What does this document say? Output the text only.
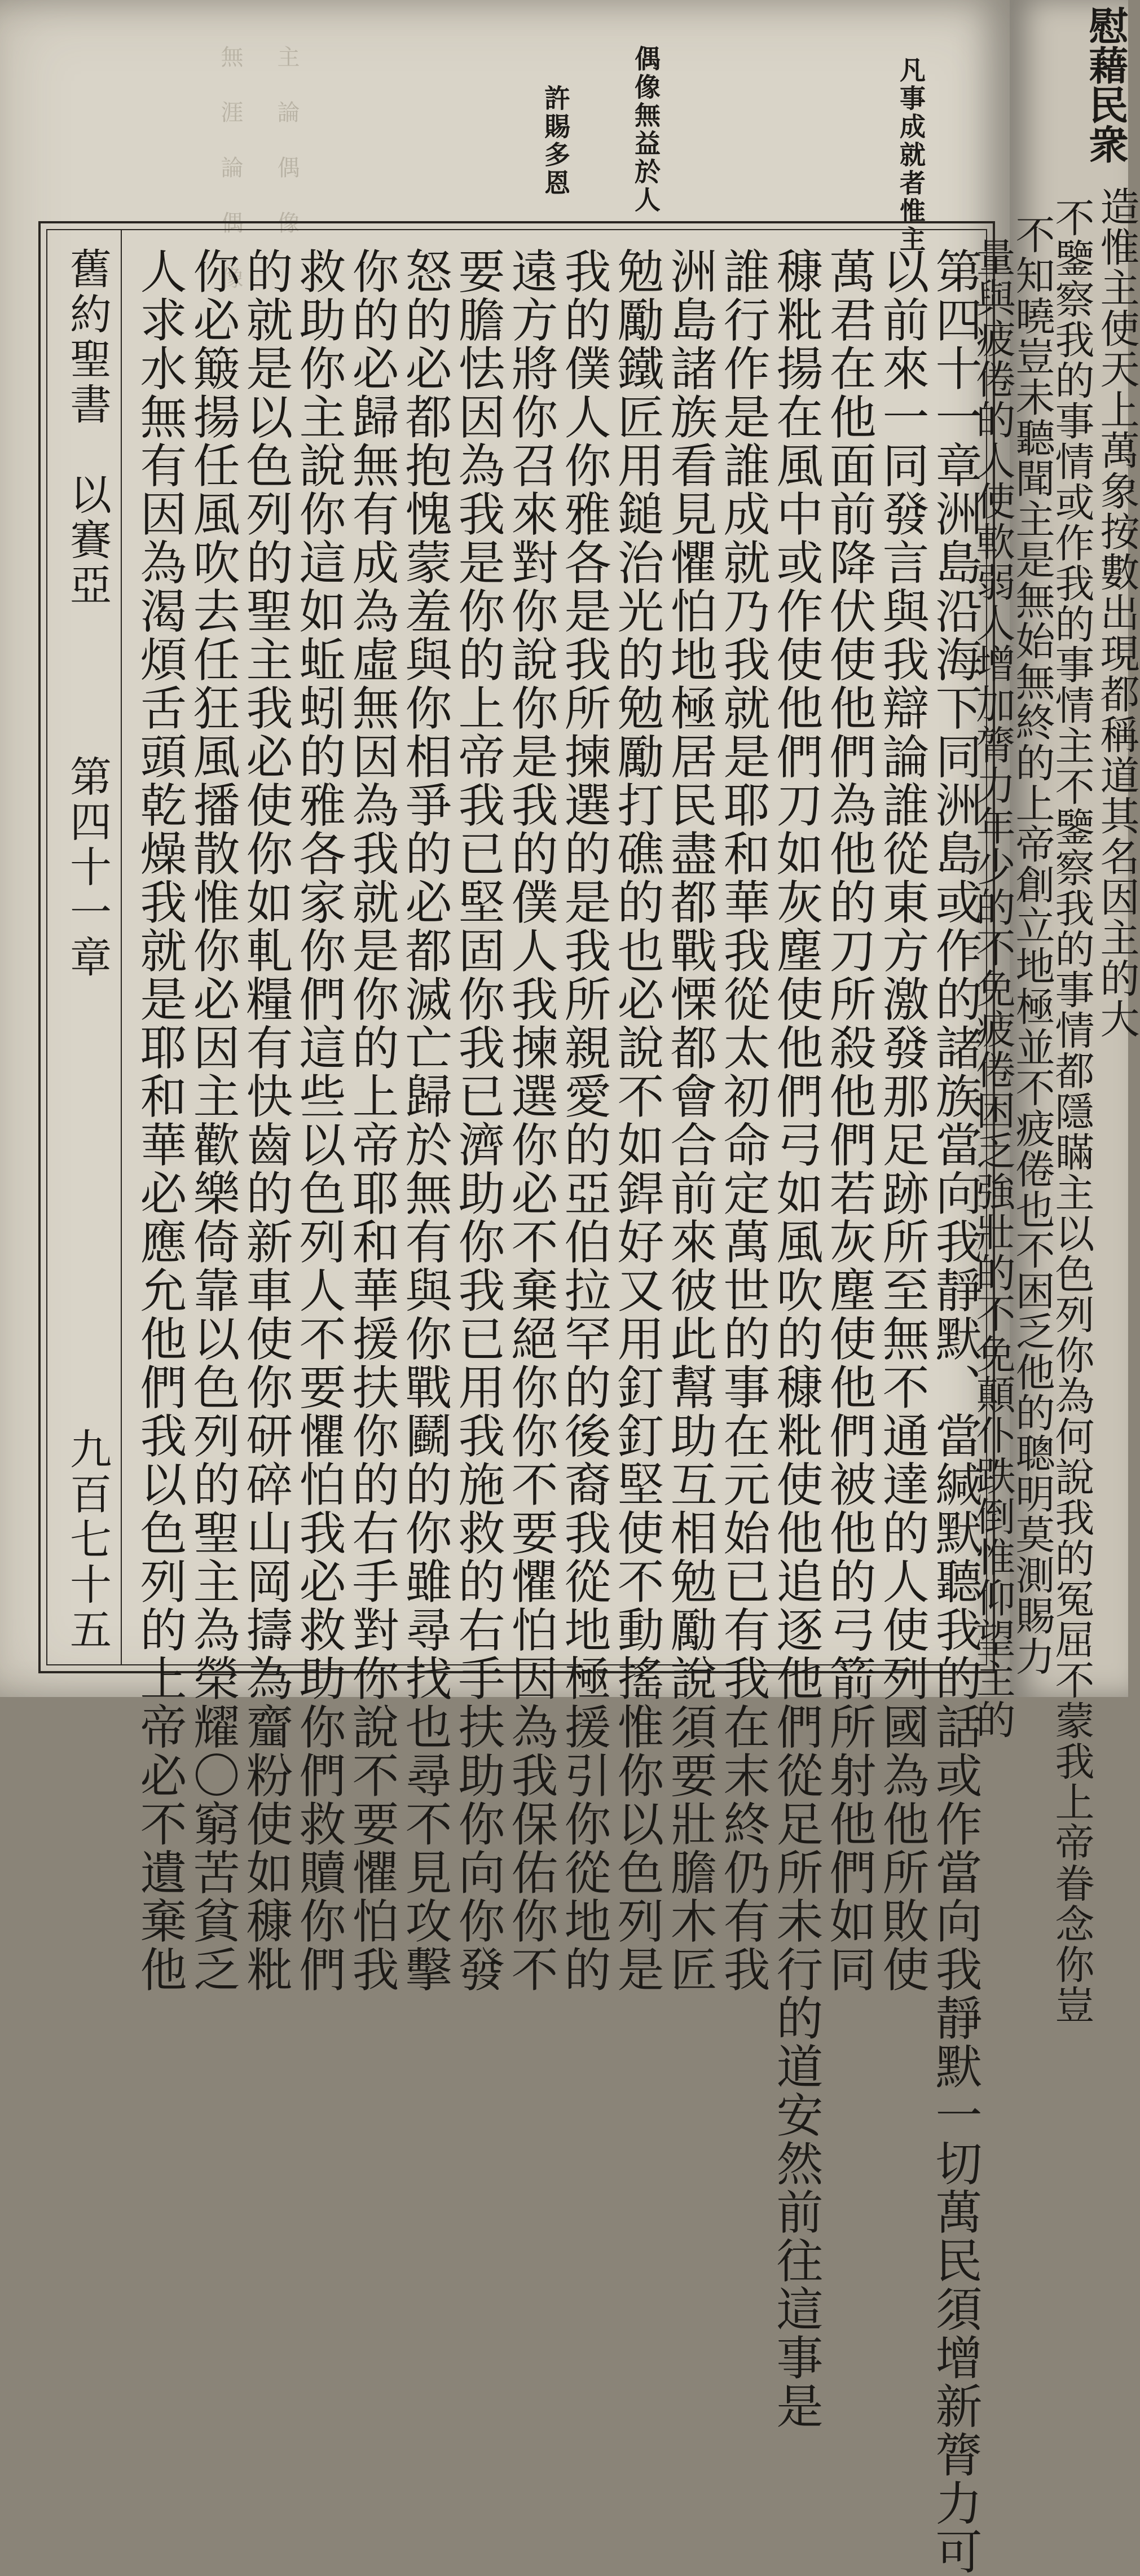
無 涯 論 偶 像 主 論 偶 像	凡事成就者惟主
偶像無益於人
許賜多恩
舊約聖書　以賽亞
第四十一章
九百七十五	第四十一章洲島沿海下同洲島或作的諸族當向我靜默、當緘默聽我的話或作當向我靜默一切萬民須增新膂力可
以前來一同發言與我辯論誰從東方激發那足跡所至無不通達的人使列國為他所敗使
萬君在他面前降伏使他們為他的刀所殺他們若灰塵使他們被他的弓箭所射他們如同
穅粃揚在風中或作使他們刀如灰塵使他們弓如風吹的穅粃使他追逐他們從足所未行的道安然前往這事是
誰行作是誰成就乃我就是耶和華我從太初命定萬世的事在元始已有我在末終仍有我
洲島諸族看見懼怕地極居民盡都戰慄都會合前來彼此幫助互相勉勵說須要壯膽木匠
勉勵鐵匠用鎚治光的勉勵打礁的也必說不如銲好又用釘釘堅使不動搖惟你以色列是
我的僕人你雅各是我所揀選的是我所親愛的亞伯拉罕的後裔我從地極援引你從地的
遠方將你召來對你說你是我的僕人我揀選你必不棄絕你你不要懼怕因為我保佑你不
要膽怯因為我是你的上帝我已堅固你我已濟助你我已用我施救的右手扶助你向你發
怒的必都抱愧蒙羞與你相爭的必都滅亡歸於無有與你戰鬬的你雖尋找也尋不見攻擊
你的必歸無有成為虛無因為我就是你的上帝耶和華援扶你的右手對你說不要懼怕我
救助你主說你這如蚯蚓的雅各家你們這些以色列人不要懼怕我必救助你們救贖你們
的就是以色列的聖主我必使你如軋糧有快齒的新車使你研碎山岡擣為齏粉使如穅粃
你必簸揚任風吹去任狂風播散惟你必因主歡樂倚靠以色列的聖主為榮耀〇窮苦貧乏
人求水無有因為渴煩舌頭乾燥我就是耶和華必應允他們我以色列的上帝必不遺棄他
慰藉民衆
造惟主使天上萬象按數出現都稱道其名因主的大
不鑒察我的事情或作我的事情主不鑒察我的事情都隱瞞主以色列你為何說我的冤屈不蒙我上帝眷念你豈
不知曉豈未聽聞主是無始無終的上帝創立地極並不疲倦也不困乏他的聰明莫測賜力
量與疲倦的人使軟弱人增加膂力年少的不免疲倦困乏強壯的不免顛仆跌倒惟仰望主的
